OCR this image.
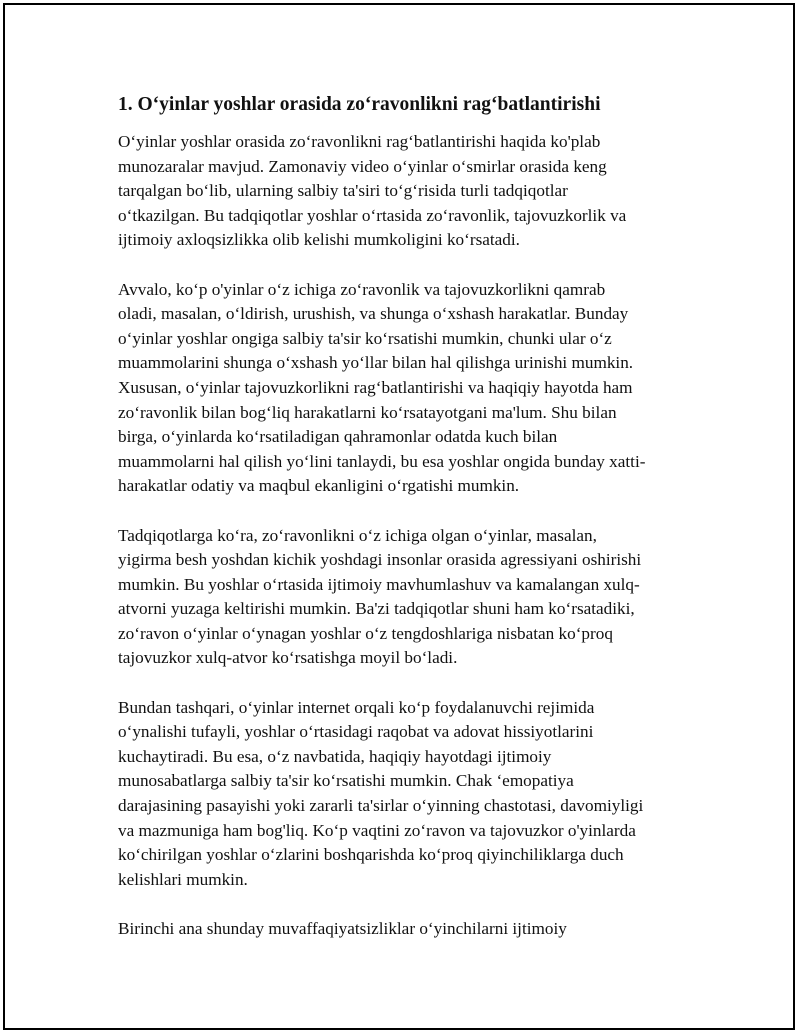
1. O‘yinlar yoshlar orasida zo‘ravonlikni rag‘batlantirishi

O‘yinlar yoshlar orasida zo‘ravonlikni rag‘batlantirishi haqida ko'plab
munozaralar mavjud. Zamonaviy video o‘yinlar o‘smirlar orasida keng
tarqalgan bo‘lib, ularning salbiy ta'siri to‘g‘risida turli tadqiqotlar
o‘tkazilgan. Bu tadqiqotlar yoshlar o‘rtasida zo‘ravonlik, tajovuzkorlik va
ijtimoiy axloqsizlikka olib kelishi mumkoligini ko‘rsatadi.

Avvalo, ko‘p o'yinlar o‘z ichiga zo‘ravonlik va tajovuzkorlikni qamrab
oladi, masalan, o‘ldirish, urushish, va shunga o‘xshash harakatlar. Bunday
o‘yinlar yoshlar ongiga salbiy ta'sir ko‘rsatishi mumkin, chunki ular o‘z
muammolarini shunga o‘xshash yo‘llar bilan hal qilishga urinishi mumkin.
Xususan, o‘yinlar tajovuzkorlikni rag‘batlantirishi va haqiqiy hayotda ham
zo‘ravonlik bilan bog‘liq harakatlarni ko‘rsatayotgani ma'lum. Shu bilan
birga, o‘yinlarda ko‘rsatiladigan qahramonlar odatda kuch bilan
muammolarni hal qilish yo‘lini tanlaydi, bu esa yoshlar ongida bunday xatti-
harakatlar odatiy va maqbul ekanligini o‘rgatishi mumkin.

Tadqiqotlarga ko‘ra, zo‘ravonlikni o‘z ichiga olgan o‘yinlar, masalan,
yigirma besh yoshdan kichik yoshdagi insonlar orasida agressiyani oshirishi
mumkin. Bu yoshlar o‘rtasida ijtimoiy mavhumlashuv va kamalangan xulq-
atvorni yuzaga keltirishi mumkin. Ba'zi tadqiqotlar shuni ham ko‘rsatadiki,
zo‘ravon o‘yinlar o‘ynagan yoshlar o‘z tengdoshlariga nisbatan ko‘proq
tajovuzkor xulq-atvor ko‘rsatishga moyil bo‘ladi.

Bundan tashqari, o‘yinlar internet orqali ko‘p foydalanuvchi rejimida
o‘ynalishi tufayli, yoshlar o‘rtasidagi raqobat va adovat hissiyotlarini
kuchaytiradi. Bu esa, o‘z navbatida, haqiqiy hayotdagi ijtimoiy
munosabatlarga salbiy ta'sir ko‘rsatishi mumkin. Chak ‘emopatiya
darajasining pasayishi yoki zararli ta'sirlar o‘yinning chastotasi, davomiyligi
va mazmuniga ham bog'liq. Ko‘p vaqtini zo‘ravon va tajovuzkor o'yinlarda
ko‘chirilgan yoshlar o‘zlarini boshqarishda ko‘proq qiyinchiliklarga duch
kelishlari mumkin.

Birinchi ana shunday muvaffaqiyatsizliklar o‘yinchilarni ijtimoiy
